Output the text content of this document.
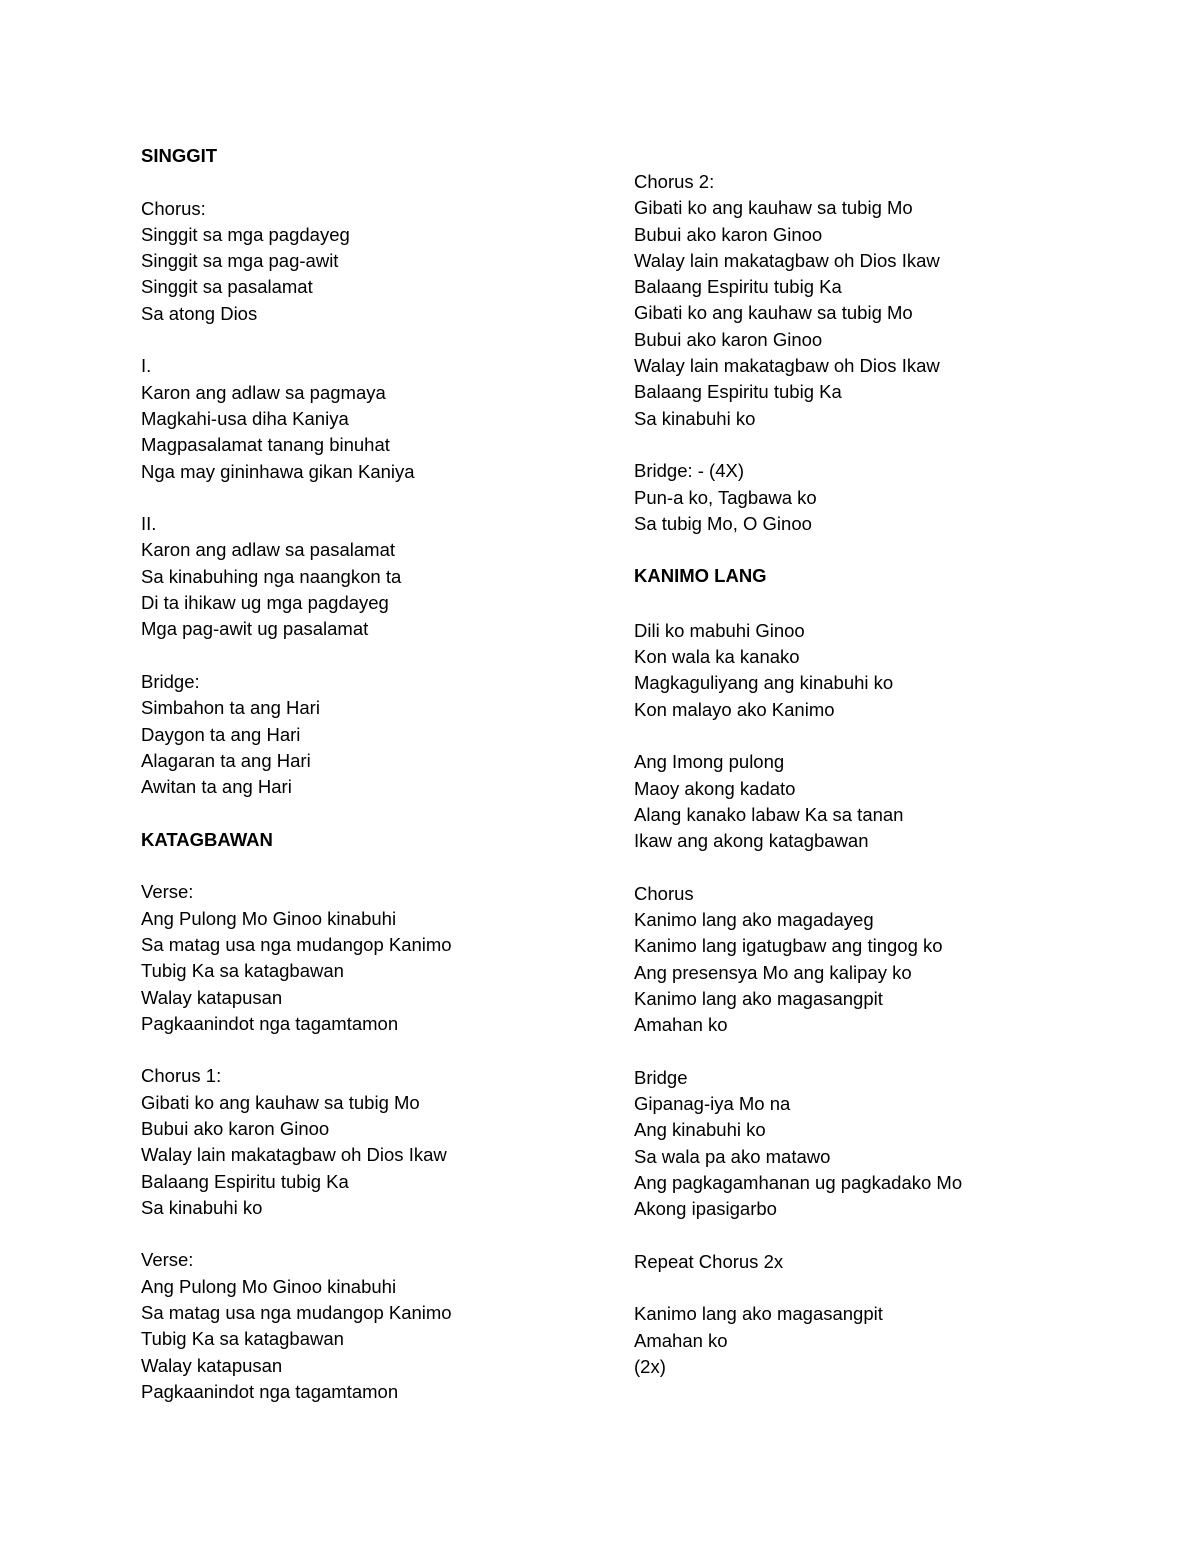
SINGGIT
Chorus:
Singgit sa mga pagdayeg
Singgit sa mga pag-awit
Singgit sa pasalamat
Sa atong Dios
I.
Karon ang adlaw sa pagmaya
Magkahi-usa diha Kaniya
Magpasalamat tanang binuhat
Nga may gininhawa gikan Kaniya
II.
Karon ang adlaw sa pasalamat
Sa kinabuhing nga naangkon ta
Di ta ihikaw ug mga pagdayeg
Mga pag-awit ug pasalamat
Bridge:
Simbahon ta ang Hari
Daygon ta ang Hari
Alagaran ta ang Hari
Awitan ta ang Hari
KATAGBAWAN
Verse:
Ang Pulong Mo Ginoo kinabuhi
Sa matag usa nga mudangop Kanimo
Tubig Ka sa katagbawan
Walay katapusan
Pagkaanindot nga tagamtamon
Chorus 1:
Gibati ko ang kauhaw sa tubig Mo
Bubui ako karon Ginoo
Walay lain makatagbaw oh Dios Ikaw
Balaang Espiritu tubig Ka
Sa kinabuhi ko
Verse:
Ang Pulong Mo Ginoo kinabuhi
Sa matag usa nga mudangop Kanimo
Tubig Ka sa katagbawan
Walay katapusan
Pagkaanindot nga tagamtamon
Chorus 2:
Gibati ko ang kauhaw sa tubig Mo
Bubui ako karon Ginoo
Walay lain makatagbaw oh Dios Ikaw
Balaang Espiritu tubig Ka
Gibati ko ang kauhaw sa tubig Mo
Bubui ako karon Ginoo
Walay lain makatagbaw oh Dios Ikaw
Balaang Espiritu tubig Ka
Sa kinabuhi ko
Bridge: - (4X)
Pun-a ko, Tagbawa ko
Sa tubig Mo, O Ginoo
KANIMO LANG
Dili ko mabuhi Ginoo
Kon wala ka kanako
Magkaguliyang ang kinabuhi ko
Kon malayo ako Kanimo
Ang Imong pulong
Maoy akong kadato
Alang kanako labaw Ka sa tanan
Ikaw ang akong katagbawan
Chorus
Kanimo lang ako magadayeg
Kanimo lang igatugbaw ang tingog ko
Ang presensya Mo ang kalipay ko
Kanimo lang ako magasangpit
Amahan ko
Bridge
Gipanag-iya Mo na
Ang kinabuhi ko
Sa wala pa ako matawo
Ang pagkagamhanan ug pagkadako Mo
Akong ipasigarbo
Repeat Chorus 2x
Kanimo lang ako magasangpit
Amahan ko
(2x)
